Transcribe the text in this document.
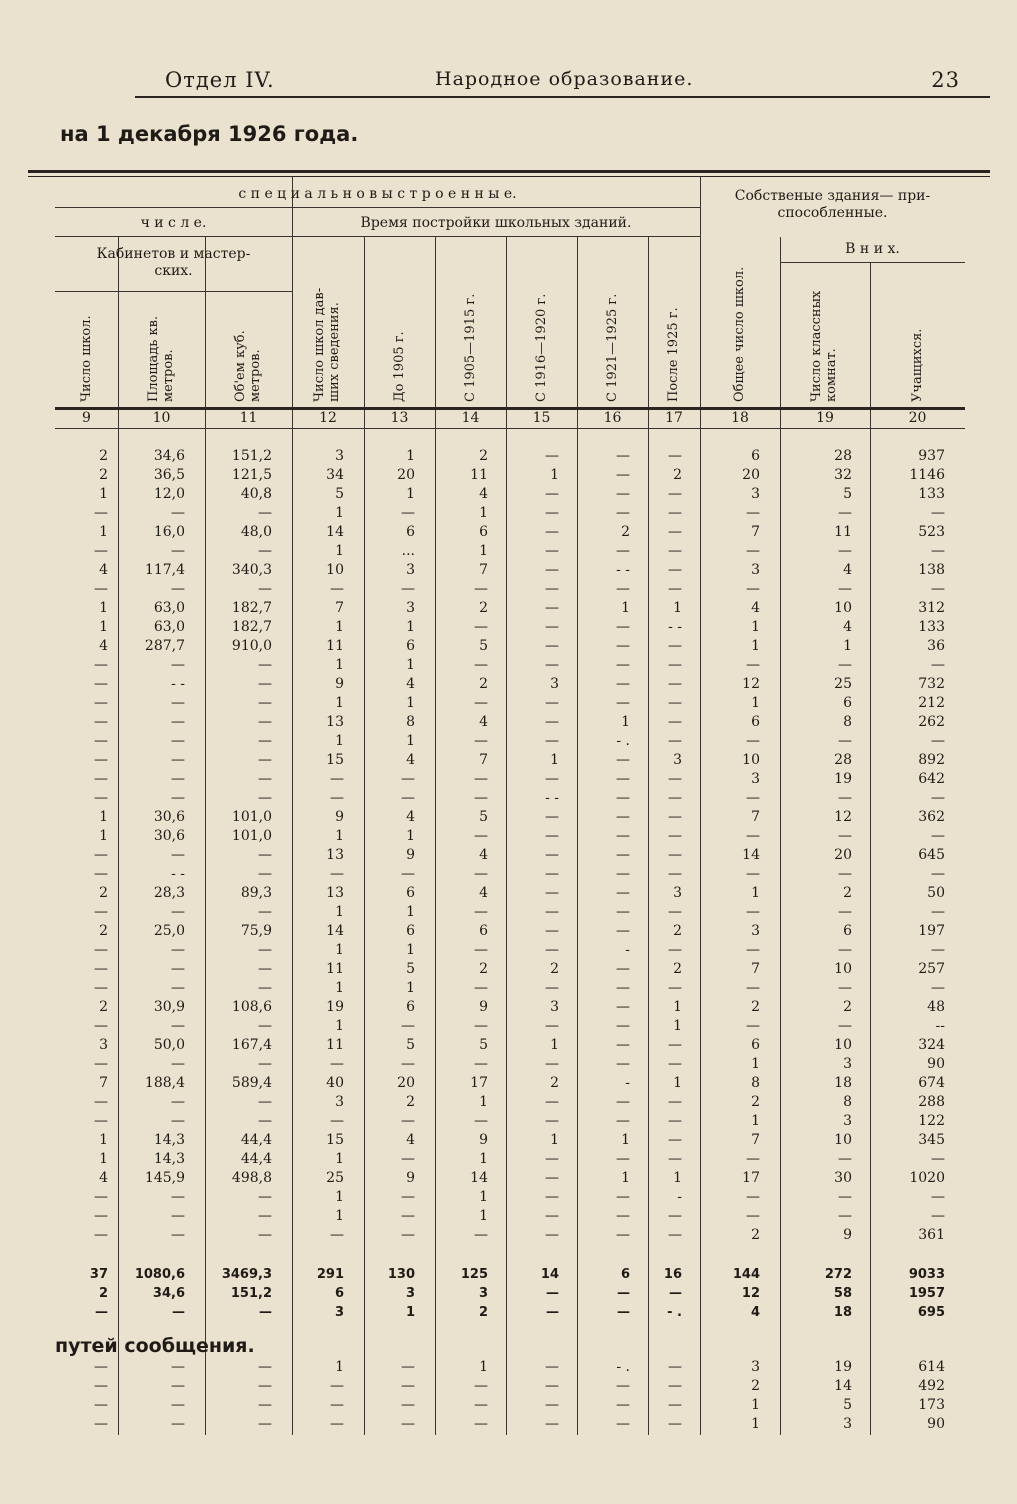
Отдел IV.	Народное образование.	23
на 1 декабря 1926 года.
с п е ц и а л ь н о в ы с т р о е н н ы е.	Собственые здания— при-
способленные.
ч и с л е.	Время постройки школьных зданий.
Кабинетов и мастер-
ских.
В н и х.
Число школ.	Площадь кв. метров.	Об'ем куб. метров.	Число школ дав- ших сведения.	До 1905 г.	С 1905—1915 г.	С 1916—1920 г.	С 1921—1925 г.	После 1925 г.	Общее число школ.	Число классных комнат.	Учащихся.
9	10	11	12	13	14	15	16	17	18	19	20
2	34,6	151,2	3	1	2	—	—	—	6	28	937
2	36,5	121,5	34	20	11	1	—	2	20	32	1146
1	12,0	40,8	5	1	4	—	—	—	3	5	133
—	—	—	1	—	1	—	—	—	—	—	—
1	16,0	48,0	14	6	6	—	2	—	7	11	523
—	—	—	1	...	1	—	—	—	—	—	—
4	117,4	340,3	10	3	7	—	- -	—	3	4	138
—	—	—	—	—	—	—	—	—	—	—	—
1	63,0	182,7	7	3	2	—	1	1	4	10	312
1	63,0	182,7	1	1	—	—	—	- -	1	4	133
4	287,7	910,0	11	6	5	—	—	—	1	1	36
—	—	—	1	1	—	—	—	—	—	—	—
—	- -	—	9	4	2	3	—	—	12	25	732
—	—	—	1	1	—	—	—	—	1	6	212
—	—	—	13	8	4	—	1	—	6	8	262
—	—	—	1	1	—	—	- .	—	—	—	—
—	—	—	15	4	7	1	—	3	10	28	892
—	—	—	—	—	—	—	—	—	3	19	642
—	—	—	—	—	—	- -	—	—	—	—	—
1	30,6	101,0	9	4	5	—	—	—	7	12	362
1	30,6	101,0	1	1	—	—	—	—	—	—	—
—	—	—	13	9	4	—	—	—	14	20	645
—	- -	—	—	—	—	—	—	—	—	—	—
2	28,3	89,3	13	6	4	—	—	3	1	2	50
—	—	—	1	1	—	—	—	—	—	—	—
2	25,0	75,9	14	6	6	—	—	2	3	6	197
—	—	—	1	1	—	—	-	—	—	—	—
—	—	—	11	5	2	2	—	2	7	10	257
—	—	—	1	1	—	—	—	—	—	—	—
2	30,9	108,6	19	6	9	3	—	1	2	2	48
—	—	—	1	—	—	—	—	1	—	—	--
3	50,0	167,4	11	5	5	1	—	—	6	10	324
—	—	—	—	—	—	—	—	—	1	3	90
7	188,4	589,4	40	20	17	2	-	1	8	18	674
—	—	—	3	2	1	—	—	—	2	8	288
—	—	—	—	—	—	—	—	—	1	3	122
1	14,3	44,4	15	4	9	1	1	—	7	10	345
1	14,3	44,4	1	—	1	—	—	—	—	—	—
4	145,9	498,8	25	9	14	—	1	1	17	30	1020
—	—	—	1	—	1	—	—	-	—	—	—
—	—	—	1	—	1	—	—	—	—	—	—
—	—	—	—	—	—	—	—	—	2	9	361
37	1080,6	3469,3	291	130	125	14	6	16	144	272	9033
2	34,6	151,2	6	3	3	—	—	—	12	58	1957
—	—	—	3	1	2	—	—	- .	4	18	695
—	—	—	1	—	1	—	- .	—	3	19	614
—	—	—	—	—	—	—	—	—	2	14	492
—	—	—	—	—	—	—	—	—	1	5	173
—	—	—	—	—	—	—	—	—	1	3	90
путей сообщения.
